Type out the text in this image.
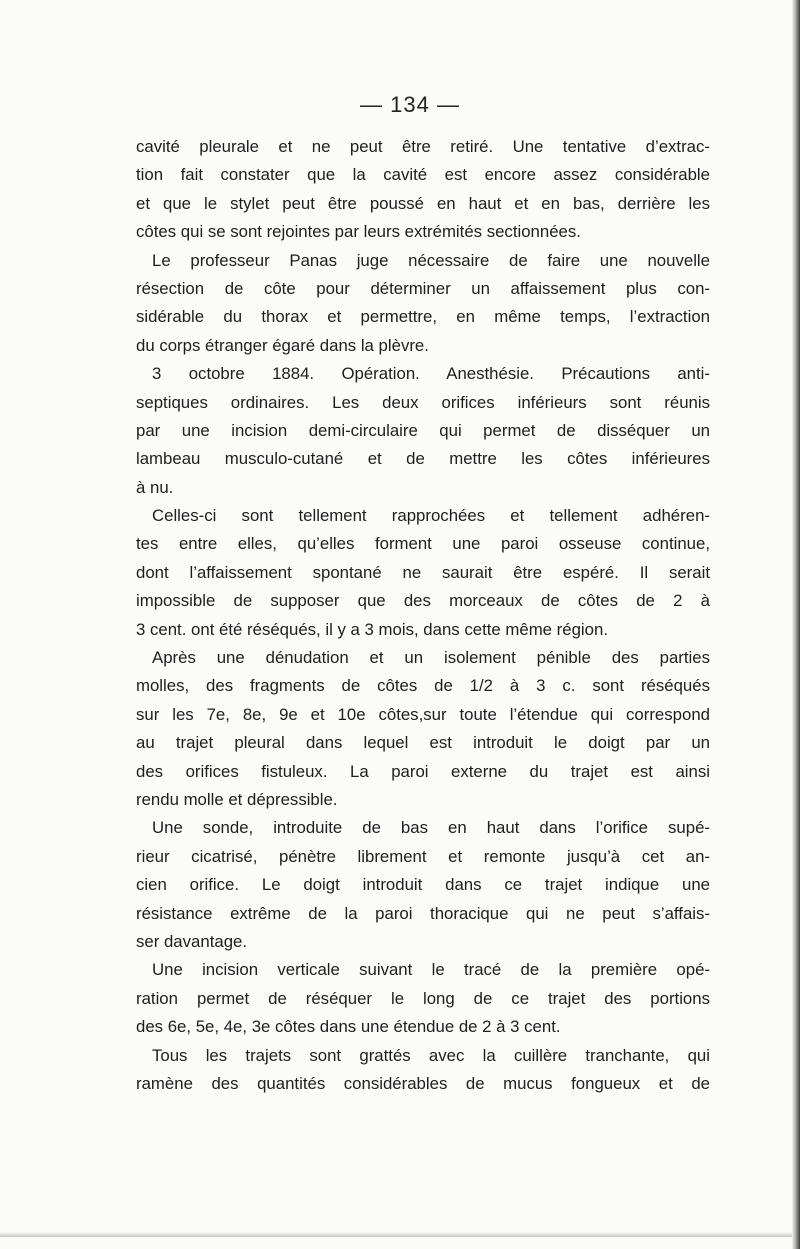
— 134 —
cavité pleurale et ne peut être retiré. Une tentative d’extrac-
tion fait constater que la cavité est encore assez considérable
et que le stylet peut être poussé en haut et en bas, derrière les
côtes qui se sont rejointes par leurs extrémités sectionnées.
Le professeur Panas juge nécessaire de faire une nouvelle
résection de côte pour déterminer un affaissement plus con-
sidérable du thorax et permettre, en même temps, l’extraction
du corps étranger égaré dans la plèvre.
3 octobre 1884. Opération. Anesthésie. Précautions anti-
septiques ordinaires. Les deux orifices inférieurs sont réunis
par une incision demi-circulaire qui permet de disséquer un
lambeau musculo-cutané et de mettre les côtes inférieures
à nu.
Celles-ci sont tellement rapprochées et tellement adhéren-
tes entre elles, qu’elles forment une paroi osseuse continue,
dont l’affaissement spontané ne saurait être espéré. Il serait
impossible de supposer que des morceaux de côtes de 2 à
3 cent. ont été réséqués, il y a 3 mois, dans cette même région.
Après une dénudation et un isolement pénible des parties
molles, des fragments de côtes de 1/2 à 3 c. sont réséqués
sur les 7e, 8e, 9e et 10e côtes,sur toute l’étendue qui correspond
au trajet pleural dans lequel est introduit le doigt par un
des orifices fistuleux. La paroi externe du trajet est ainsi
rendu molle et dépressible.
Une sonde, introduite de bas en haut dans l’orifice supé-
rieur cicatrisé, pénètre librement et remonte jusqu’à cet an-
cien orifice. Le doigt introduit dans ce trajet indique une
résistance extrême de la paroi thoracique qui ne peut s’affais-
ser davantage.
Une incision verticale suivant le tracé de la première opé-
ration permet de réséquer le long de ce trajet des portions
des 6e, 5e, 4e, 3e côtes dans une étendue de 2 à 3 cent.
Tous les trajets sont grattés avec la cuillère tranchante, qui
ramène des quantités considérables de mucus fongueux et de
